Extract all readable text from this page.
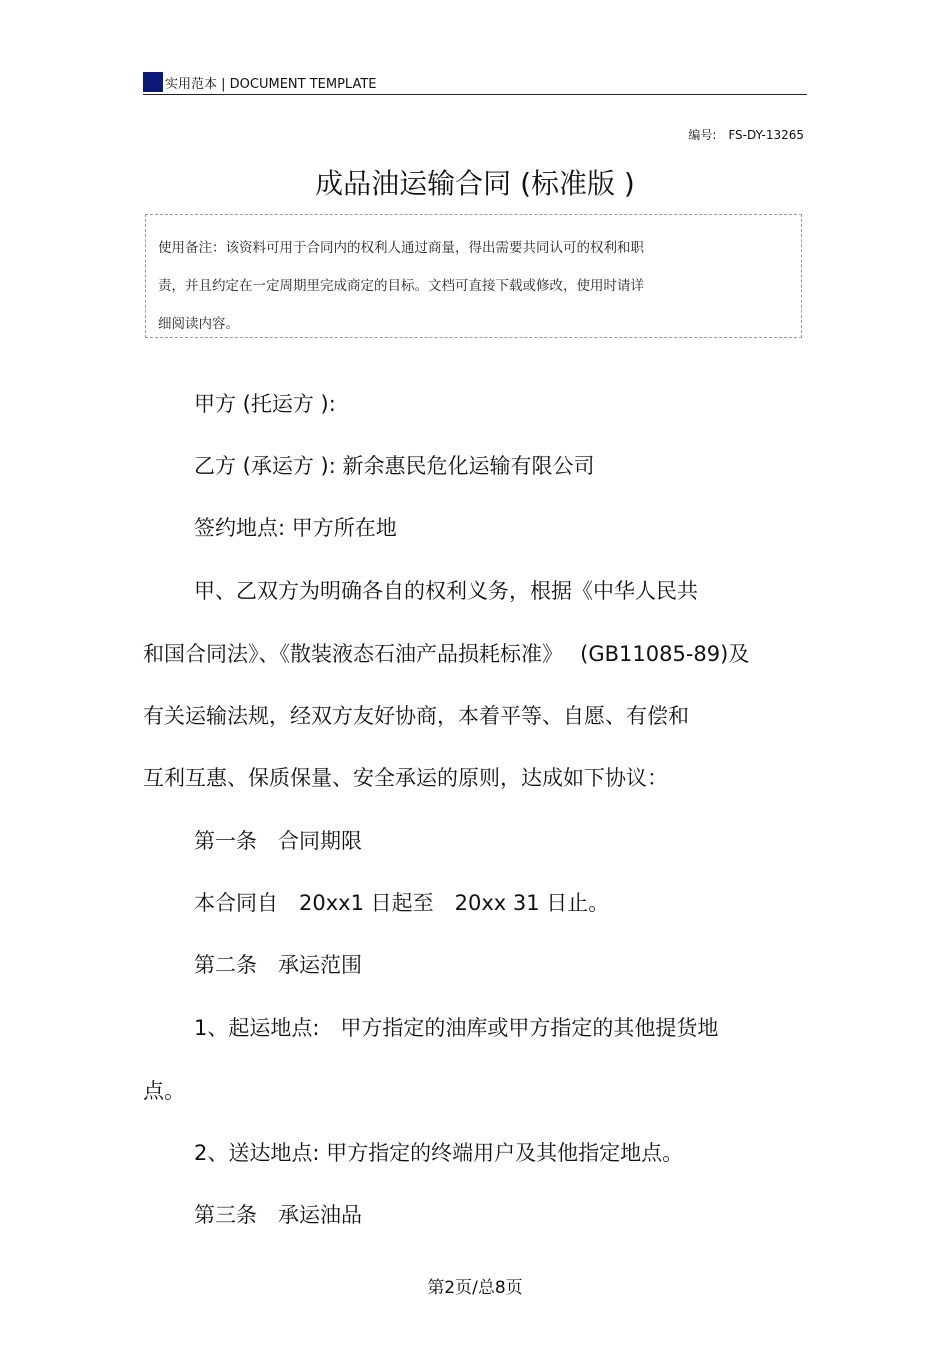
实用范本 | DOCUMENT TEMPLATE
编号: FS-DY-13265
成品油运输合同 (标准版 )

使用备注：该资料可用于合同内的权利人通过商量，得出需要共同认可的权利和职

责，并且约定在一定周期里完成商定的目标。文档可直接下载或修改，使用时请详

细阅读内容。

甲方 (托运方 ):
乙方 (承运方 ): 新余惠民危化运输有限公司
签约地点: 甲方所在地
甲、乙双方为明确各自的权利义务，根据《中华人民共
和国合同法》、《散装液态石油产品损耗标准》　 (GB11085-89)及
有关运输法规，经双方友好协商，本着平等、自愿、有偿和
互利互惠、保质保量、安全承运的原则，达成如下协议：
第一条　合同期限
本合同自　20xx1 日起至　20xx 31 日止。
第二条　承运范围
1、起运地点:　甲方指定的油库或甲方指定的其他提货地
点。
2、送达地点: 甲方指定的终端用户及其他指定地点。
第三条　承运油品
第2页/总8页
